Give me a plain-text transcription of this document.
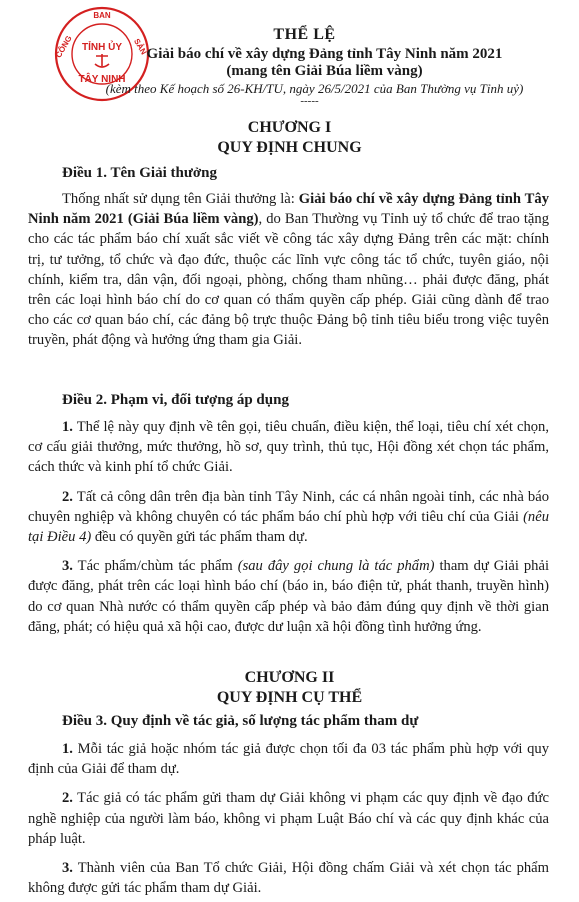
BAN
CÔNG	SẢN
TỈNH ỦY
TÂY NINH
THỂ LỆ
Giải báo chí về xây dựng Đảng tỉnh Tây Ninh năm 2021
(mang tên Giải Búa liềm vàng)
(kèm theo Kế hoạch số 26-KH/TU, ngày 26/5/2021 của Ban Thường vụ Tỉnh uỷ)
-----
CHƯƠNG I
QUY ĐỊNH CHUNG
Điều 1. Tên Giải thưởng
Thống nhất sử dụng tên Giải thưởng là: Giải báo chí về xây dựng Đảng tỉnh Tây Ninh năm 2021 (Giải Búa liềm vàng), do Ban Thường vụ Tỉnh uỷ tổ chức để trao tặng cho các tác phẩm báo chí xuất sắc viết về công tác xây dựng Đảng trên các mặt: chính trị, tư tưởng, tổ chức và đạo đức, thuộc các lĩnh vực công tác tổ chức, tuyên giáo, nội chính, kiểm tra, dân vận, đối ngoại, phòng, chống tham nhũng… phải được đăng, phát trên các loại hình báo chí do cơ quan có thẩm quyền cấp phép. Giải cũng dành để trao cho các cơ quan báo chí, các đảng bộ trực thuộc Đảng bộ tỉnh tiêu biểu trong việc tuyên truyền, phát động và hưởng ứng tham gia Giải.
Điều 2. Phạm vi, đối tượng áp dụng
1. Thể lệ này quy định về tên gọi, tiêu chuẩn, điều kiện, thể loại, tiêu chí xét chọn, cơ cấu giải thưởng, mức thưởng, hồ sơ, quy trình, thủ tục, Hội đồng xét chọn tác phẩm, cách thức và kinh phí tổ chức Giải.
2. Tất cả công dân trên địa bàn tỉnh Tây Ninh, các cá nhân ngoài tỉnh, các nhà báo chuyên nghiệp và không chuyên có tác phẩm báo chí phù hợp với tiêu chí của Giải (nêu tại Điều 4) đều có quyền gửi tác phẩm tham dự.
3. Tác phẩm/chùm tác phẩm (sau đây gọi chung là tác phẩm) tham dự Giải phải được đăng, phát trên các loại hình báo chí (báo in, báo điện tử, phát thanh, truyền hình) do cơ quan Nhà nước có thẩm quyền cấp phép và bảo đảm đúng quy định về thời gian đăng, phát; có hiệu quả xã hội cao, được dư luận xã hội đồng tình hưởng ứng.
CHƯƠNG II
QUY ĐỊNH CỤ THỂ
Điều 3. Quy định về tác giả, số lượng tác phẩm tham dự
1. Mỗi tác giả hoặc nhóm tác giả được chọn tối đa 03 tác phẩm phù hợp với quy định của Giải để tham dự.
2. Tác giả có tác phẩm gửi tham dự Giải không vi phạm các quy định về đạo đức nghề nghiệp của người làm báo, không vi phạm Luật Báo chí và các quy định khác của pháp luật.
3. Thành viên của Ban Tổ chức Giải, Hội đồng chấm Giải và xét chọn tác phẩm không được gửi tác phẩm tham dự Giải.
